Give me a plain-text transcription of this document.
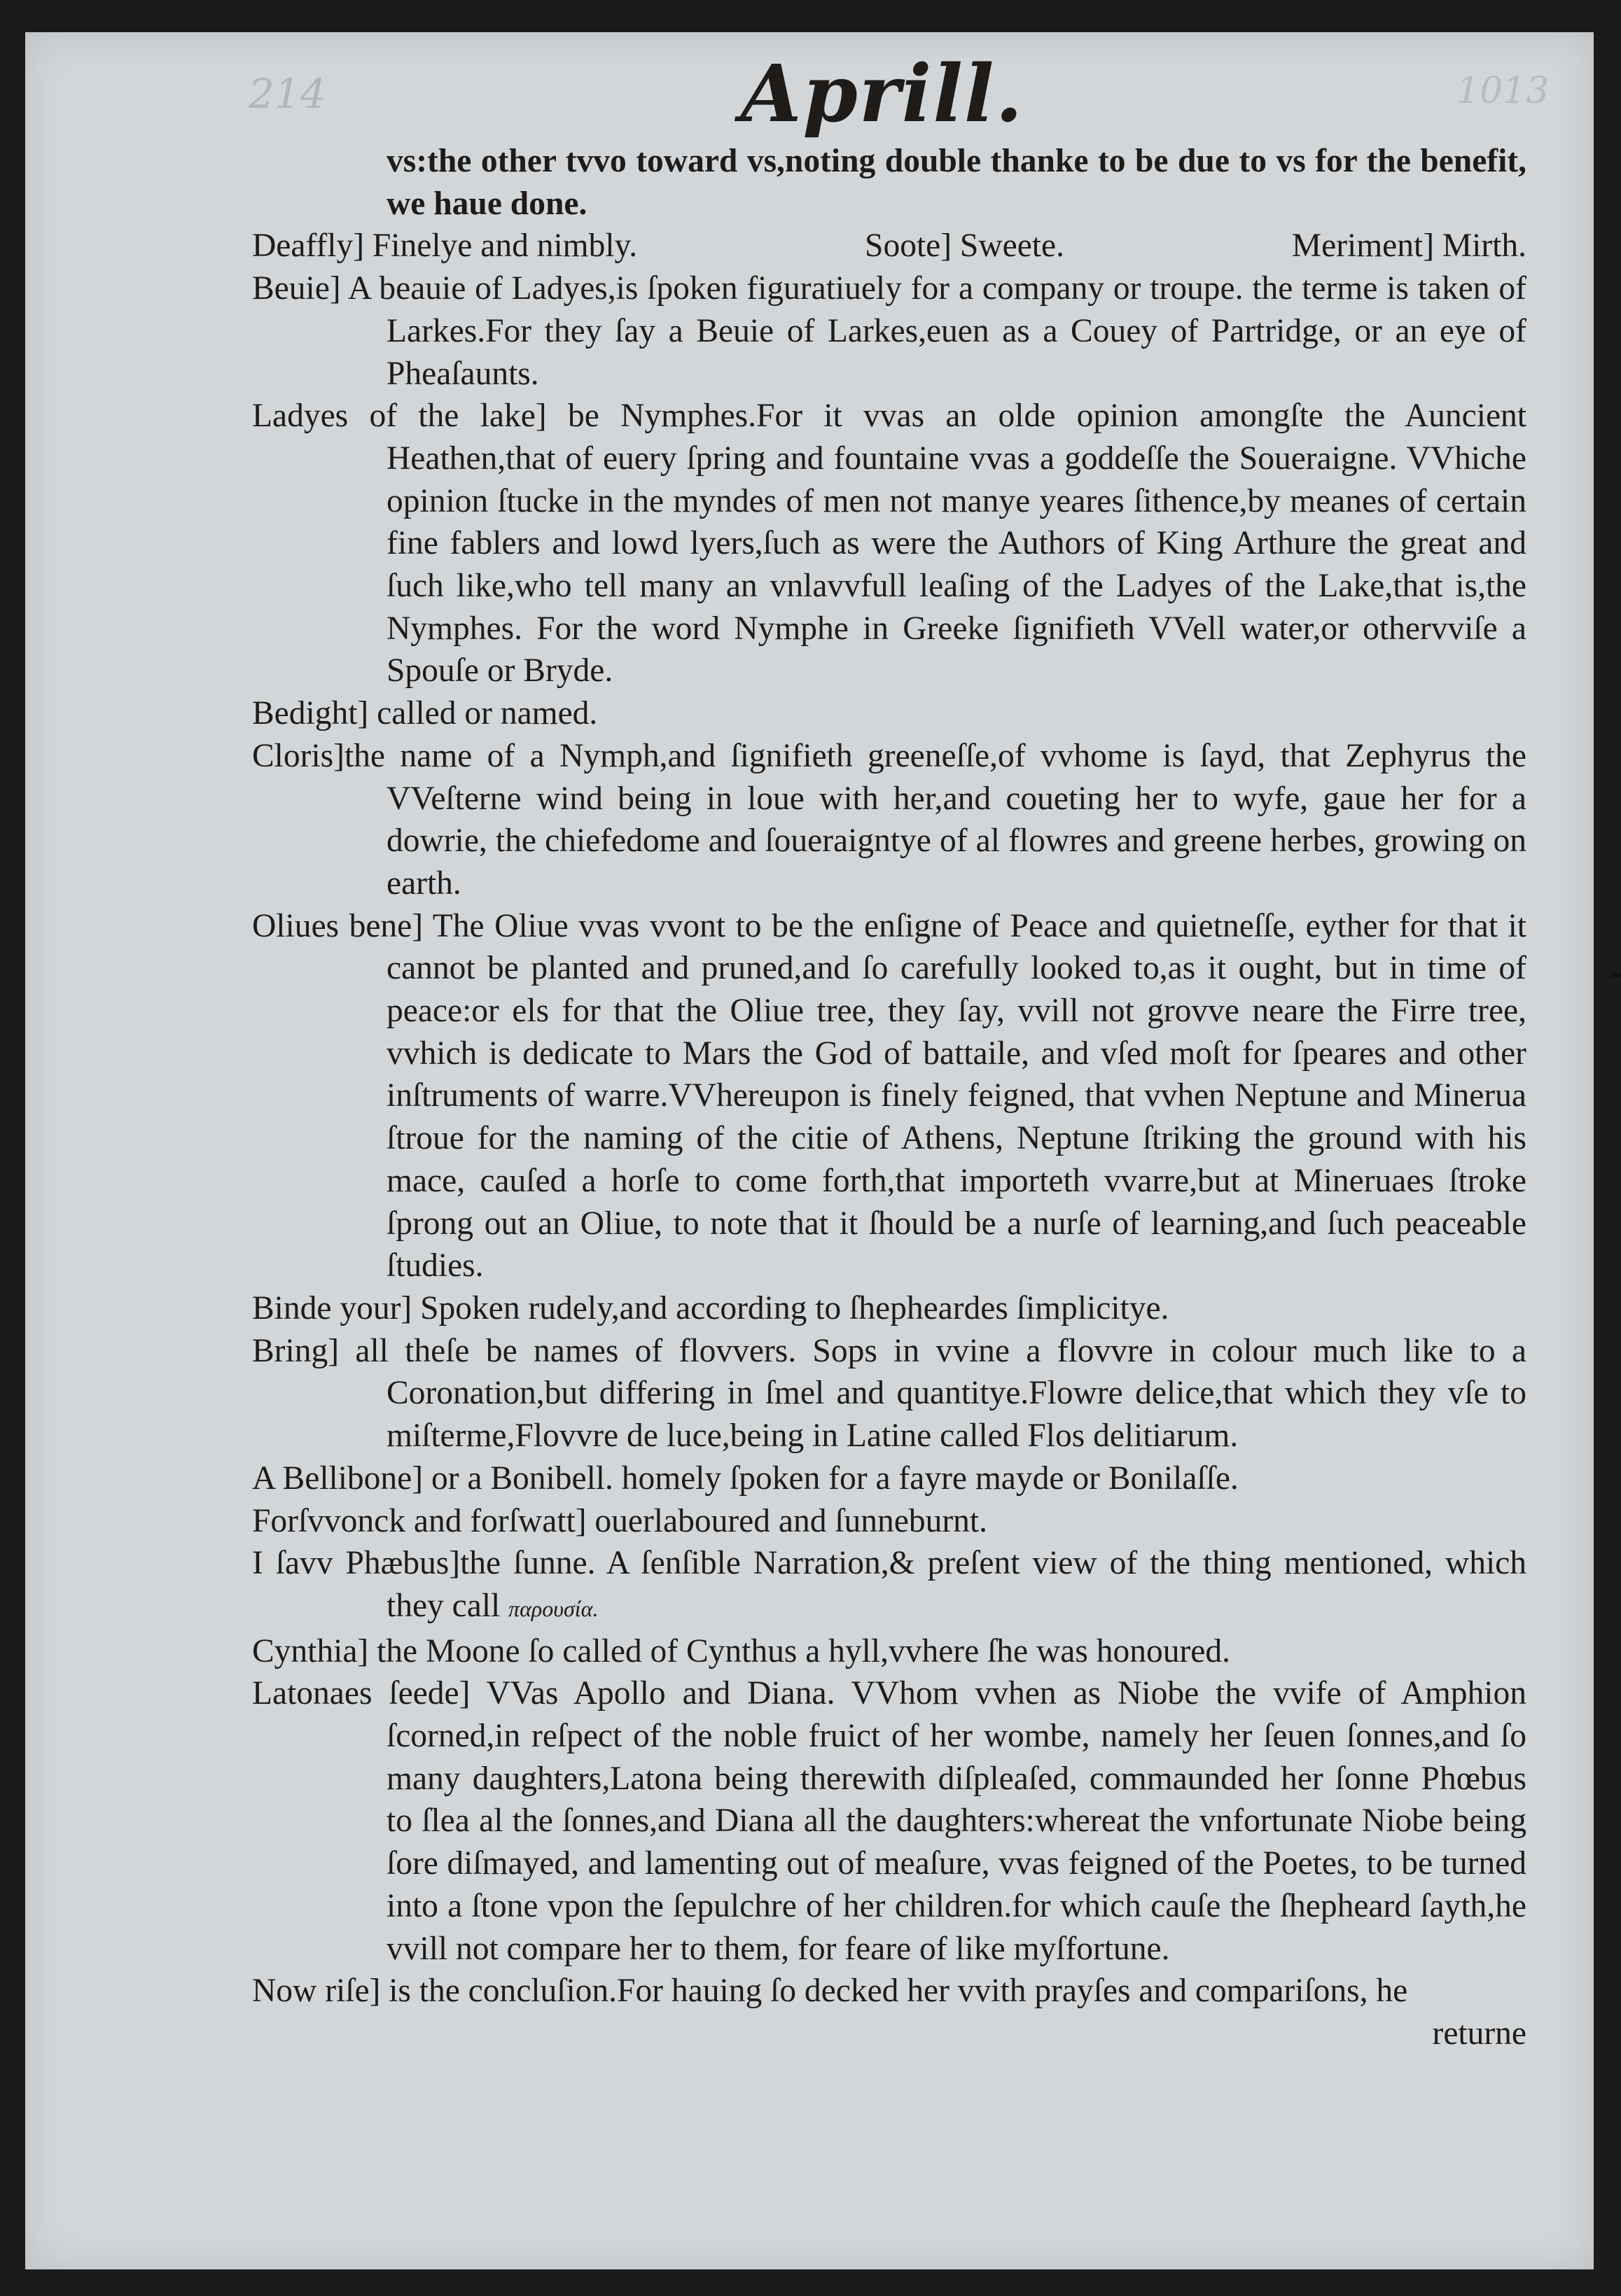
214	1013
Aprill.
vs:the other tvvo toward vs,noting double thanke to be due to vs for the benefit, we haue done.
Deaffly] Finelye and nimbly.	Soote] Sweete.	Meriment] Mirth.
Beuie] A beauie of Ladyes,is ſpoken figuratiuely for a company or troupe. the terme is taken of Larkes.For they ſay a Beuie of Larkes,euen as a Couey of Partridge, or an eye of Pheaſaunts.
Ladyes of the lake] be Nymphes.For it vvas an olde opinion amongſte the Auncient Heathen,that of euery ſpring and fountaine vvas a goddeſſe the Soueraigne. VVhiche opinion ſtucke in the myndes of men not manye yeares ſithence,by meanes of certain fine fablers and lowd lyers,ſuch as were the Authors of King Arthure the great and ſuch like,who tell many an vnlavvfull leaſing of the Ladyes of the Lake,that is,the Nymphes. For the word Nymphe in Greeke ſignifieth VVell water,or othervviſe a Spouſe or Bryde.
Bedight] called or named.
Cloris]the name of a Nymph,and ſignifieth greeneſſe,of vvhome is ſayd, that Zephyrus the VVeſterne wind being in loue with her,and coueting her to wyfe, gaue her for a dowrie, the chiefedome and ſoueraigntye of al flowres and greene herbes, growing on earth.
Oliues bene] The Oliue vvas vvont to be the enſigne of Peace and quietneſſe, eyther for that it cannot be planted and pruned,and ſo carefully looked to,as it ought, but in time of peace:or els for that the Oliue tree, they ſay, vvill not grovve neare the Firre tree, vvhich is dedicate to Mars the God of battaile, and vſed moſt for ſpeares and other inſtruments of warre.VVhereupon is finely feigned, that vvhen Neptune and Minerua ſtroue for the naming of the citie of Athens, Neptune ſtriking the ground with his mace, cauſed a horſe to come forth,that importeth vvarre,but at Mineruaes ſtroke ſprong out an Oliue, to note that it ſhould be a nurſe of learning,and ſuch peaceable ſtudies.
Binde your] Spoken rudely,and according to ſhepheardes ſimplicitye.
Bring] all theſe be names of flovvers. Sops in vvine a flovvre in colour much like to a Coronation,but differing in ſmel and quantitye.Flowre delice,that which they vſe to miſterme,Flovvre de luce,being in Latine called Flos delitiarum.
A Bellibone] or a Bonibell. homely ſpoken for a fayre mayde or Bonilaſſe.
Forſvvonck and forſwatt] ouerlaboured and ſunneburnt.
I ſavv Phæbus]the ſunne. A ſenſible Narration,& preſent view of the thing mentioned, which they call παρουσία.
Cynthia] the Moone ſo called of Cynthus a hyll,vvhere ſhe was honoured.
Latonaes ſeede] VVas Apollo and Diana. VVhom vvhen as Niobe the vvife of Amphion ſcorned,in reſpect of the noble fruict of her wombe, namely her ſeuen ſonnes,and ſo many daughters,Latona being therewith diſpleaſed, commaunded her ſonne Phœbus to ſlea al the ſonnes,and Diana all the daughters:whereat the vnfortunate Niobe being ſore diſmayed, and lamenting out of meaſure, vvas feigned of the Poetes, to be turned into a ſtone vpon the ſepulchre of her children.for which cauſe the ſhepheard ſayth,he vvill not compare her to them, for feare of like myſfortune.
Now riſe] is the concluſion.For hauing ſo decked her vvith prayſes and compariſons, he
returne
